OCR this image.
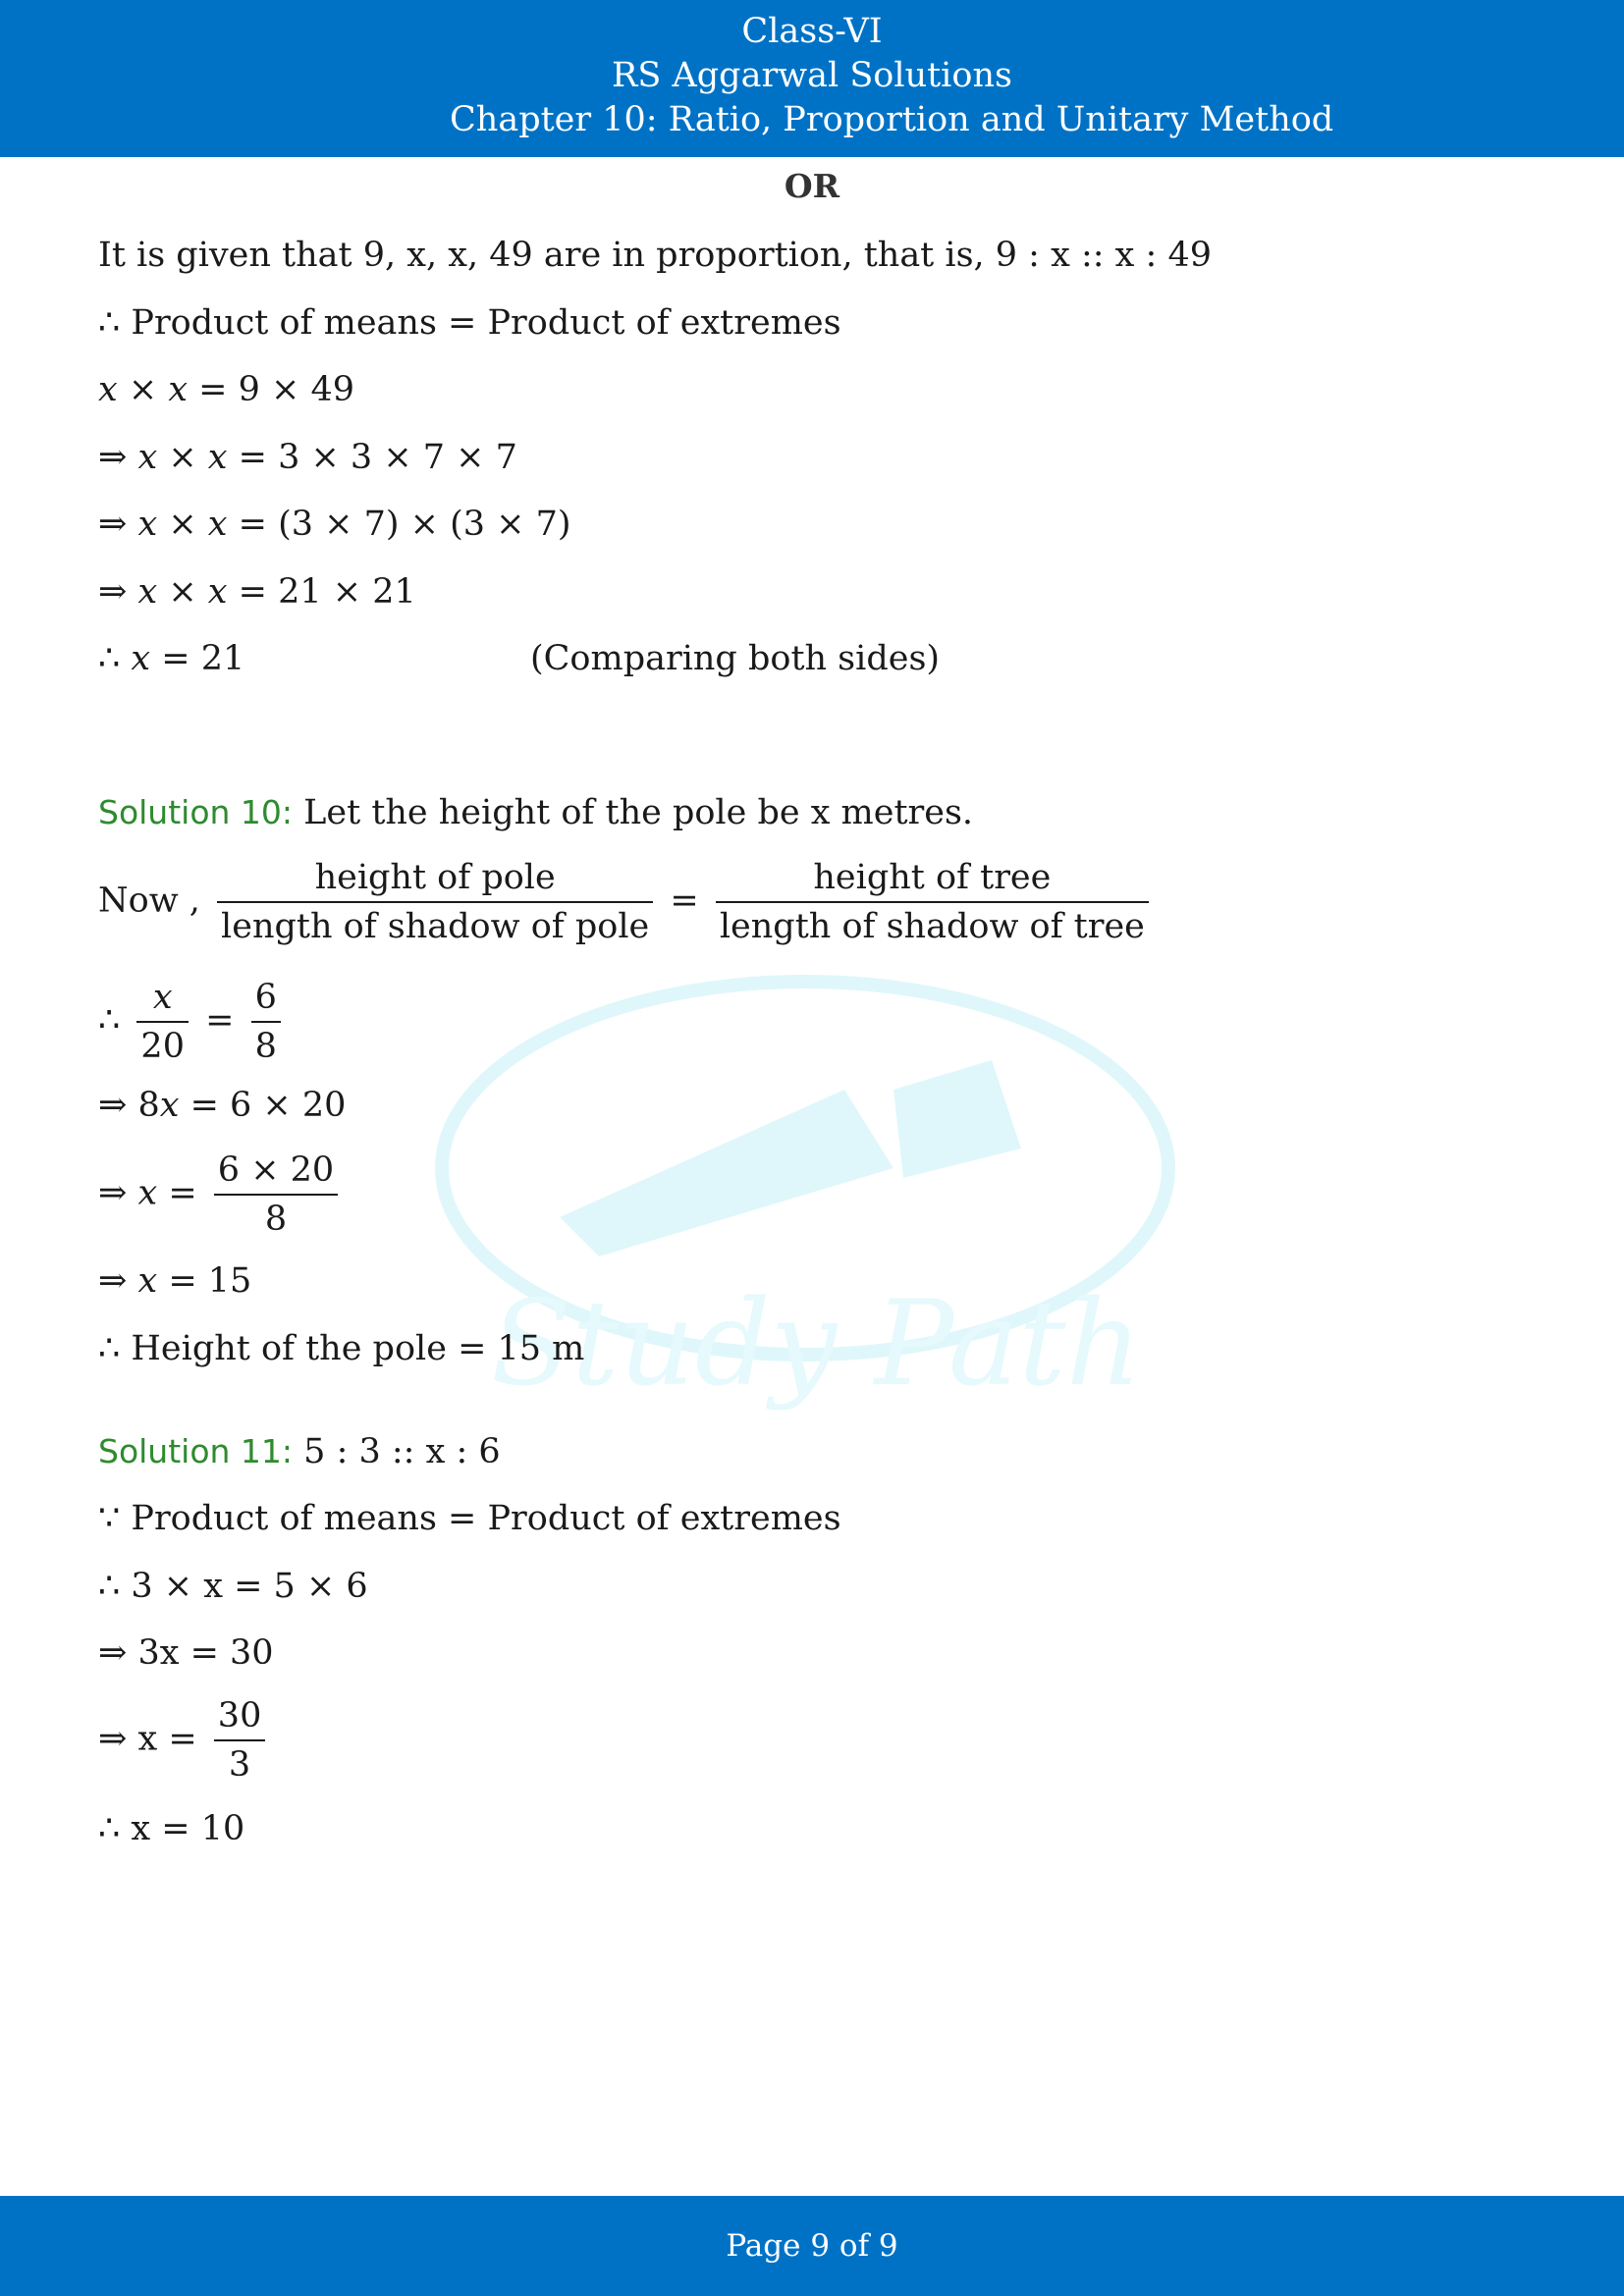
Class-VI
RS Aggarwal Solutions
Chapter 10: Ratio, Proportion and Unitary Method
Study Path
OR
It is given that 9, x, x, 49 are in proportion, that is, 9 : x :: x : 49
∴ Product of means = Product of extremes
𝑥 × 𝑥 = 9 × 49
⇒ 𝑥 × 𝑥 = 3 × 3 × 7 × 7
⇒ 𝑥 × 𝑥 = (3 × 7) × (3 × 7)
⇒ 𝑥 × 𝑥 = 21 × 21
∴ 𝑥 = 21	(Comparing both sides)
Solution 10: Let the height of the pole be x metres.
Now , $\frac{\text{height of pole}}{\text{length of shadow of pole}} = \frac{\text{height of tree}}{\text{length of shadow of tree}}$
∴ $\frac{\text{𝑥}}{20} = \frac{6}{8}$
⇒ 8𝑥 = 6 × 20
⇒ 𝑥 = $\frac{6 \times 20}{8}$
⇒ 𝑥 = 15
∴ Height of the pole = 15 m
Solution 11: 5 : 3 :: x : 6
∵ Product of means = Product of extremes
∴ 3 × x = 5 × 6
⇒ 3x = 30
⇒ $x = \frac{30}{3}$
∴ x = 10
Page 9 of 9
